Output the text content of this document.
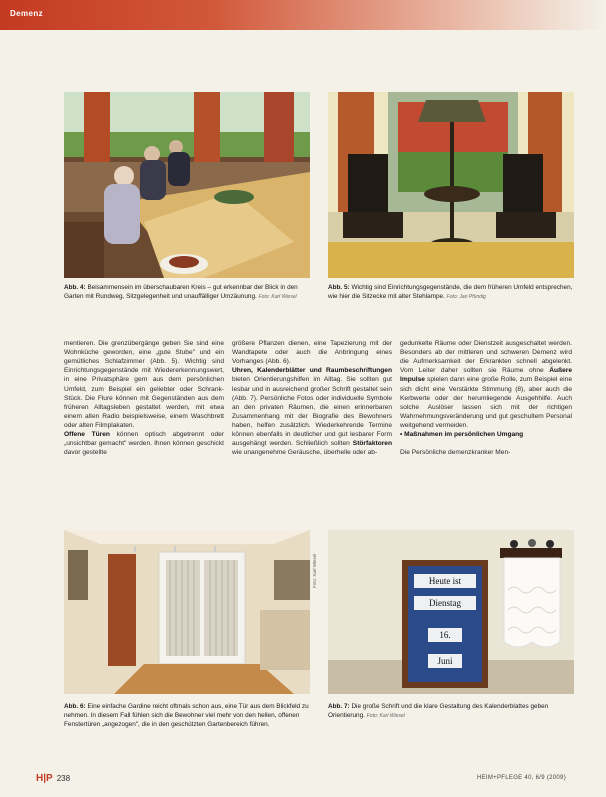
Demenz
Abb. 4: Beisammensein im überschaubaren Kreis – gut erkennbar der Blick in den Garten mit Rundweg, Sitzgelegenheit und unauffälliger Umzäunung. Foto: Karl Wiesel
Abb. 5: Wichtig sind Einrichtungsgegenstände, die dem früheren Umfeld entsprechen, wie hier die Sitzecke mit alter Stehlampe. Foto: Jan Pfündig

mentieren. Die grenzübergänge geben Sie sind eine Wohnküche geworden, eine „gute Stube" und ein gemütliches Schlafzimmer (Abb. 5). Wichtig sind Einrichtungsgegenstände mit Wiedererkennungswert, in eine Privatsphäre gern aus dem persönlichen Umfeld, zum Beispiel ein geliebter oder Schrank-Stück. Die Flure können mit Gegenständen aus dem früheren Alltagsleben gestaltet werden, mit etwa einem alten Radio beispielsweise, einem Waschbrett oder alten Filmplakaten.
Offene Türen können optisch abgetrennt oder „unsichtbar gemacht" werden. Ihnen können geschickt davor gestellte

größere Pflanzen dienen, eine Tapezierung mit der Wandtapete oder auch die Anbringung eines Vorhanges (Abb. 6).
Uhren, Kalenderblätter und Raumbeschriftungen bieten Orientierungshilfen im Alltag. Sie sollten gut lesbar und in ausreichend großer Schrift gestaltet sein (Abb. 7). Persönliche Fotos oder individuelle Symbole an den privaten Räumen, die einen erinnerbaren Zusammenhang mit der Biografie des Bewohners haben, helfen zusätzlich. Wiederkehrende Termine können ebenfalls in deutlicher und gut lesbarer Form ausgehängt werden. Schließlich sollten Störfaktoren wie unangenehme Geräusche, überhelle oder ab-

gedunkelte Räume oder Dienstzeit ausgeschaltet werden. Besonders ab der mittleren und schweren Demenz wird die Aufmerksamkeit der Erkrankten schnell abgelenkt. Vom Leiter daher sollten sie Räume ohne Äußere Impulse spielen dann eine große Rolle, zum Beispiel eine sich dicht eine Verstärkte Stimmung (8), aber auch die Kerbwerte oder der herumliegende Ausgehhilfe. Auch solche Auslöser lassen sich mit der richtigen Wahrnehmungsveränderung und gut geschultem Personal weitgehend vermeiden.

• Maßnahmen im persönlichen Umgang

Die Persönliche demenzkranker Men-

Foto: Karl Wiesel	Heute ist
Dienstag
16.
Juni
Abb. 6: Eine einfache Gardine reicht oftmals schon aus, eine Tür aus dem Blickfeld zu nehmen. In diesem Fall fühlen sich die Bewohner viel mehr von den hellen, offenen Fenstertüren „angezogen", die in den geschützten Gartenbereich führen.
Abb. 7: Die große Schrift und die klare Gestaltung des Kalenderblattes geben Orientierung. Foto: Karl Wiesel
H|P 238	HEIM+PFLEGE 40, 6/9 (2009)
